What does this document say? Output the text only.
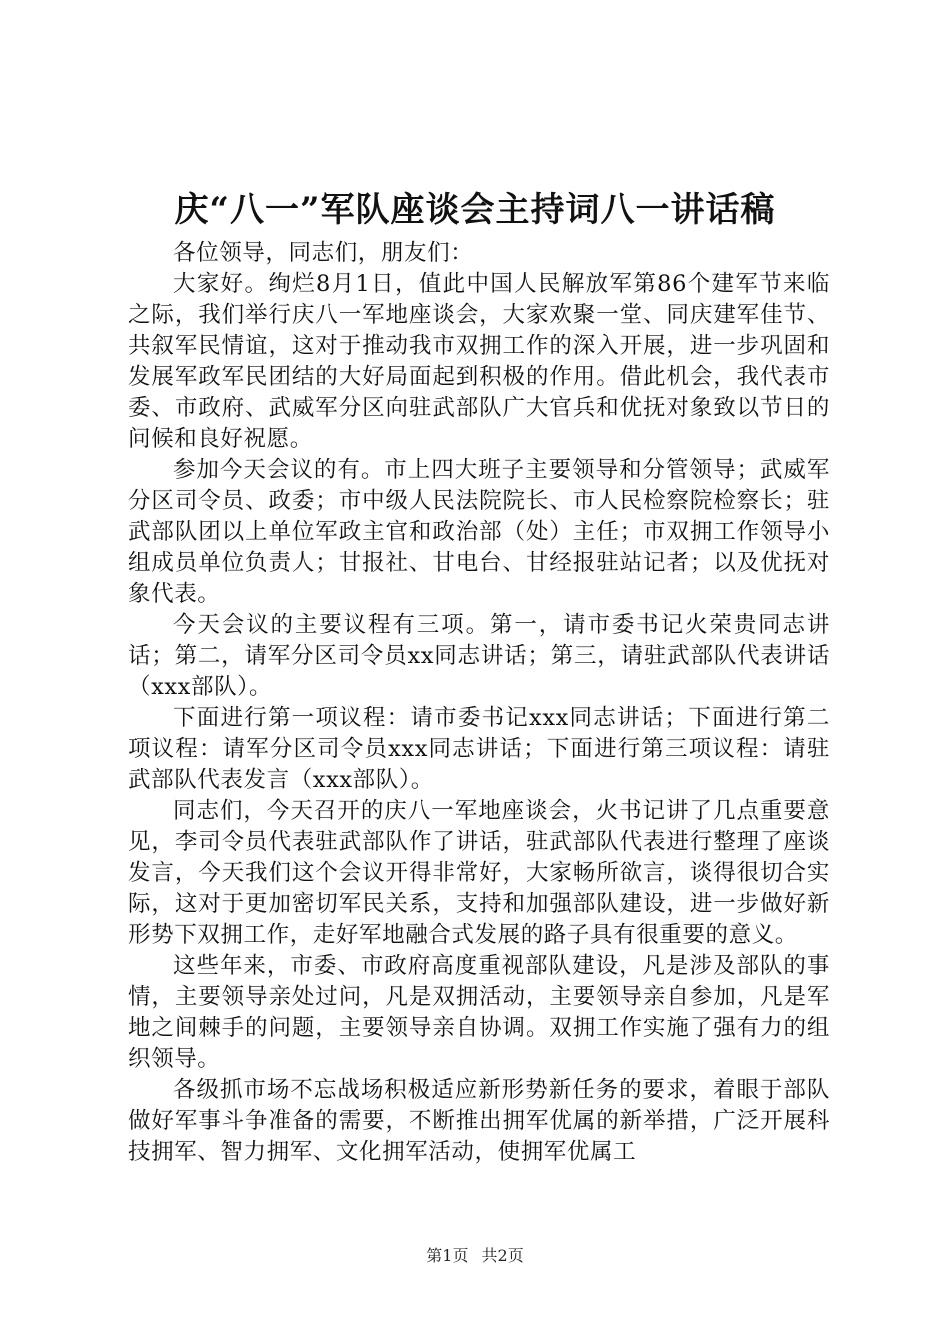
庆“八一”军队座谈会主持词八一讲话稿

各位领导，同志们，朋友们：

大家好。绚烂8月1日，值此中国人民解放军第86个建军节来临之际，我们举行庆八一军地座谈会，大家欢聚一堂、同庆建军佳节、共叙军民情谊，这对于推动我市双拥工作的深入开展，进一步巩固和发展军政军民团结的大好局面起到积极的作用。借此机会，我代表市委、市政府、武威军分区向驻武部队广大官兵和优抚对象致以节日的问候和良好祝愿。

参加今天会议的有。市上四大班子主要领导和分管领导；武威军分区司令员、政委；市中级人民法院院长、市人民检察院检察长；驻武部队团以上单位军政主官和政治部（处）主任；市双拥工作领导小组成员单位负责人；甘报社、甘电台、甘经报驻站记者；以及优抚对象代表。

今天会议的主要议程有三项。第一，请市委书记火荣贵同志讲话；第二，请军分区司令员xx同志讲话；第三，请驻武部队代表讲话（xxx部队）。

下面进行第一项议程：请市委书记xxx同志讲话；下面进行第二项议程：请军分区司令员xxx同志讲话；下面进行第三项议程：请驻武部队代表发言（xxx部队）。

同志们，今天召开的庆八一军地座谈会，火书记讲了几点重要意见，李司令员代表驻武部队作了讲话，驻武部队代表进行整理了座谈发言，今天我们这个会议开得非常好，大家畅所欲言，谈得很切合实际，这对于更加密切军民关系，支持和加强部队建设，进一步做好新形势下双拥工作，走好军地融合式发展的路子具有很重要的意义。

这些年来，市委、市政府高度重视部队建设，凡是涉及部队的事情，主要领导亲处过问，凡是双拥活动，主要领导亲自参加，凡是军地之间棘手的问题，主要领导亲自协调。双拥工作实施了强有力的组织领导。

各级抓市场不忘战场积极适应新形势新任务的要求，着眼于部队做好军事斗争准备的需要，不断推出拥军优属的新举措，广泛开展科技拥军、智力拥军、文化拥军活动，使拥军优属工

第1页 共2页
